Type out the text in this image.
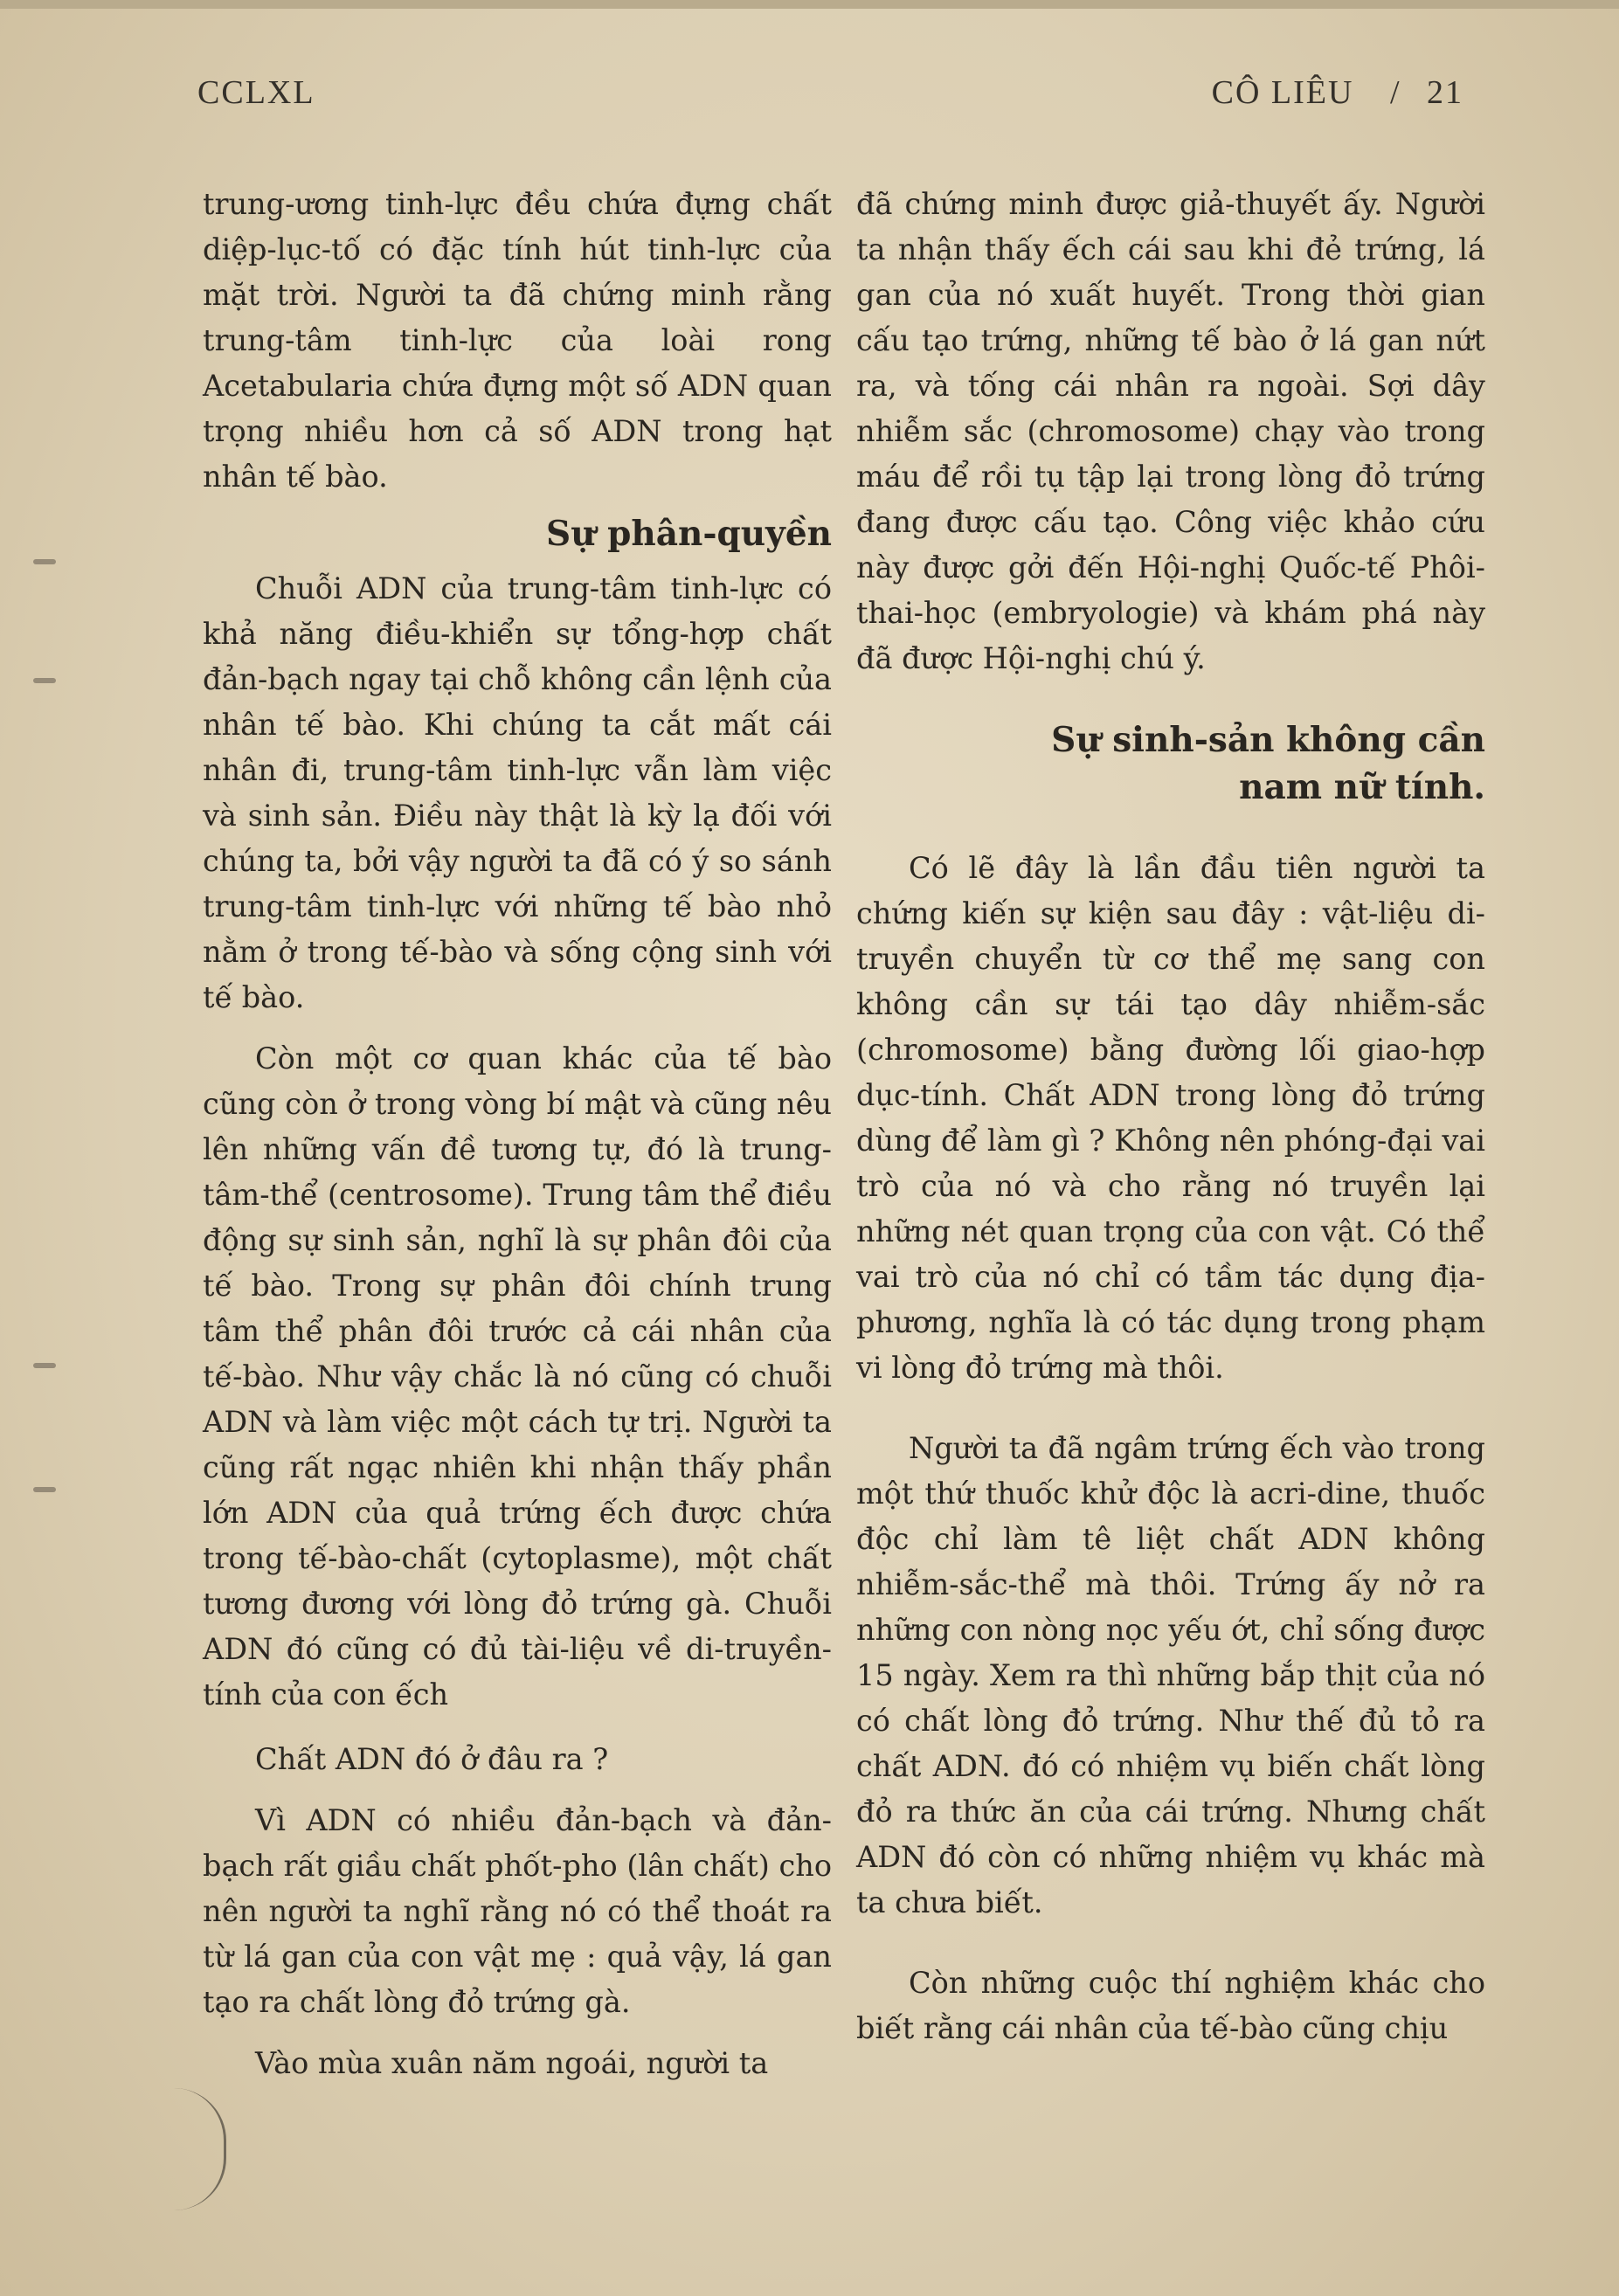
CCLXL	CÔ LIÊU / 21

trung-ương tinh-lực đều chứa đựng chất diệp-lục-tố có đặc tính hút tinh-lực của mặt trời. Người ta đã chứng minh rằng trung-tâm tinh-lực của loài rong Acetabularia chứa đựng một số ADN quan trọng nhiều hơn cả số ADN trong hạt nhân tế bào.

Sự phân-quyền

Chuỗi ADN của trung-tâm tinh-lực có khả năng điều-khiển sự tổng-hợp chất đản-bạch ngay tại chỗ không cần lệnh của nhân tế bào. Khi chúng ta cắt mất cái nhân đi, trung-tâm tinh-lực vẫn làm việc và sinh sản. Điều này thật là kỳ lạ đối với chúng ta, bởi vậy người ta đã có ý so sánh trung-tâm tinh-lực với những tế bào nhỏ nằm ở trong tế-bào và sống cộng sinh với tế bào.

Còn một cơ quan khác của tế bào cũng còn ở trong vòng bí mật và cũng nêu lên những vấn đề tương tự, đó là trung-tâm-thể (centrosome). Trung tâm thể điều động sự sinh sản, nghĩ là sự phân đôi của tế bào. Trong sự phân đôi chính trung tâm thể phân đôi trước cả cái nhân của tế-bào. Như vậy chắc là nó cũng có chuỗi ADN và làm việc một cách tự trị. Người ta cũng rất ngạc nhiên khi nhận thấy phần lớn ADN của quả trứng ếch được chứa trong tế-bào-chất (cytoplasme), một chất tương đương với lòng đỏ trứng gà. Chuỗi ADN đó cũng có đủ tài-liệu về di-truyền-tính của con ếch

Chất ADN đó ở đâu ra ?

Vì ADN có nhiều đản-bạch và đản-bạch rất giầu chất phốt-pho (lân chất) cho nên người ta nghĩ rằng nó có thể thoát ra từ lá gan của con vật mẹ : quả vậy, lá gan tạo ra chất lòng đỏ trứng gà.

Vào mùa xuân năm ngoái, người ta

đã chứng minh được giả-thuyết ấy. Người ta nhận thấy ếch cái sau khi đẻ trứng, lá gan của nó xuất huyết. Trong thời gian cấu tạo trứng, những tế bào ở lá gan nứt ra, và tống cái nhân ra ngoài. Sợi dây nhiễm sắc (chromosome) chạy vào trong máu để rồi tụ tập lại trong lòng đỏ trứng đang được cấu tạo. Công việc khảo cứu này được gởi đến Hội-nghị Quốc-tế Phôi-thai-học (embryologie) và khám phá này đã được Hội-nghị chú ý.

Sự sinh-sản không cần
nam nữ tính.

Có lẽ đây là lần đầu tiên người ta chứng kiến sự kiện sau đây : vật-liệu di-truyền chuyển từ cơ thể mẹ sang con không cần sự tái tạo dây nhiễm-sắc (chromosome) bằng đường lối giao-hợp dục-tính. Chất ADN trong lòng đỏ trứng dùng để làm gì ? Không nên phóng-đại vai trò của nó và cho rằng nó truyền lại những nét quan trọng của con vật. Có thể vai trò của nó chỉ có tầm tác dụng địa-phương, nghĩa là có tác dụng trong phạm vi lòng đỏ trứng mà thôi.

Người ta đã ngâm trứng ếch vào trong một thứ thuốc khử độc là acri-dine, thuốc độc chỉ làm tê liệt chất ADN không nhiễm-sắc-thể mà thôi. Trứng ấy nở ra những con nòng nọc yếu ớt, chỉ sống được 15 ngày. Xem ra thì những bắp thịt của nó có chất lòng đỏ trứng. Như thế đủ tỏ ra chất ADN. đó có nhiệm vụ biến chất lòng đỏ ra thức ăn của cái trứng. Nhưng chất ADN đó còn có những nhiệm vụ khác mà ta chưa biết.

Còn những cuộc thí nghiệm khác cho biết rằng cái nhân của tế-bào cũng chịu
